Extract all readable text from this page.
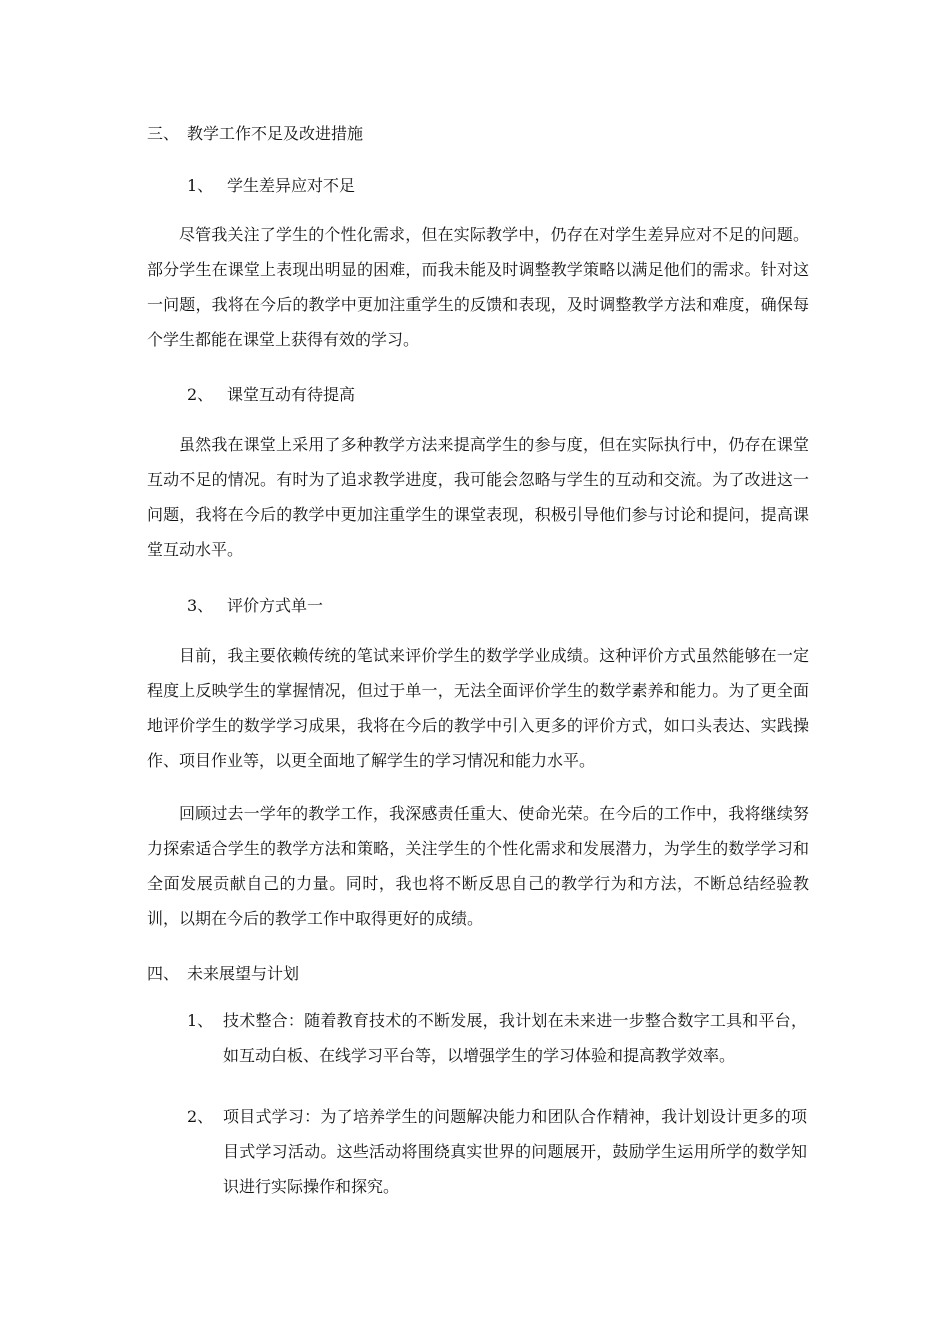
三、 教学工作不足及改进措施
1、 学生差异应对不足

尽管我关注了学生的个性化需求，但在实际教学中，仍存在对学生差异应对不足的问题。部分学生在课堂上表现出明显的困难，而我未能及时调整教学策略以满足他们的需求。针对这一问题，我将在今后的教学中更加注重学生的反馈和表现，及时调整教学方法和难度，确保每个学生都能在课堂上获得有效的学习。

2、 课堂互动有待提高

虽然我在课堂上采用了多种教学方法来提高学生的参与度，但在实际执行中，仍存在课堂互动不足的情况。有时为了追求教学进度，我可能会忽略与学生的互动和交流。为了改进这一问题，我将在今后的教学中更加注重学生的课堂表现，积极引导他们参与讨论和提问，提高课堂互动水平。

3、 评价方式单一

目前，我主要依赖传统的笔试来评价学生的数学学业成绩。这种评价方式虽然能够在一定程度上反映学生的掌握情况，但过于单一，无法全面评价学生的数学素养和能力。为了更全面地评价学生的数学学习成果，我将在今后的教学中引入更多的评价方式，如口头表达、实践操作、项目作业等，以更全面地了解学生的学习情况和能力水平。

回顾过去一学年的教学工作，我深感责任重大、使命光荣。在今后的工作中，我将继续努力探索适合学生的教学方法和策略，关注学生的个性化需求和发展潜力，为学生的数学学习和全面发展贡献自己的力量。同时，我也将不断反思自己的教学行为和方法，不断总结经验教训，以期在今后的教学工作中取得更好的成绩。

四、 未来展望与计划
1、 技术整合：随着教育技术的不断发展，我计划在未来进一步整合数字工具和平台，如互动白板、在线学习平台等，以增强学生的学习体验和提高教学效率。
2、 项目式学习：为了培养学生的问题解决能力和团队合作精神，我计划设计更多的项目式学习活动。这些活动将围绕真实世界的问题展开，鼓励学生运用所学的数学知识进行实际操作和探究。
